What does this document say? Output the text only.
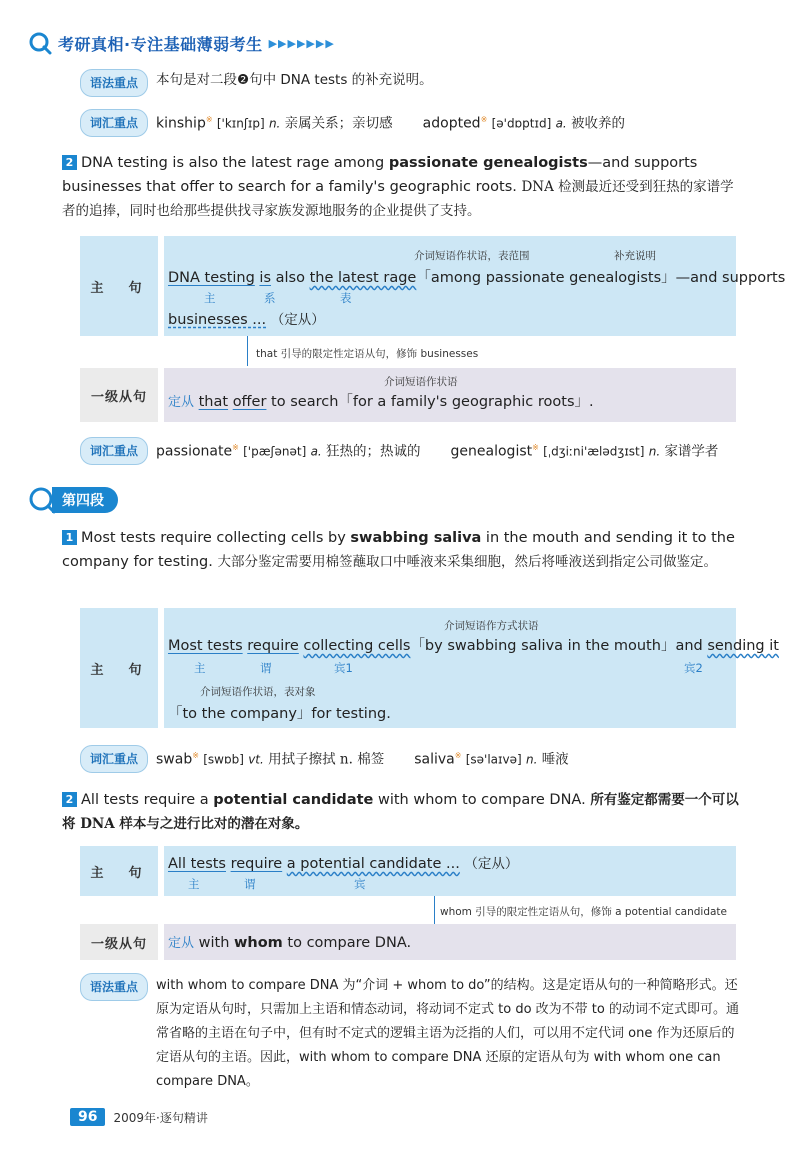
考研真相·专注基础薄弱考生 ▶▶▶▶▶▶▶
语法重点	本句是对二段❷句中 DNA tests 的补充说明。
词汇重点	kinship※ ['kɪnʃɪp] n. 亲属关系；亲切感 adopted※ [ə'dɒptɪd] a. 被收养的
2 DNA testing is also the latest rage among passionate genealogists—and supports businesses that offer to search for a family's geographic roots. DNA 检测最近还受到狂热的家谱学者的追捧，同时也给那些提供找寻家族发源地服务的企业提供了支持。
主　句
介词短语作状语，表范围	补充说明
DNA testing is also the latest rage「among passionate genealogists」—and supports
主	系	表
businesses ... （定从）
that 引导的限定性定语从句，修饰 businesses
一级从句
介词短语作状语
定从 that offer to search「for a family's geographic roots」.
词汇重点	passionate※ ['pæʃənət] a. 狂热的；热诚的 genealogist※ [ˌdʒiːni'ælədʒɪst] n. 家谱学者
第四段
1 Most tests require collecting cells by swabbing saliva in the mouth and sending it to the company for testing. 大部分鉴定需要用棉签蘸取口中唾液来采集细胞，然后将唾液送到指定公司做鉴定。
主　句
介词短语作方式状语
Most tests require collecting cells「by swabbing saliva in the mouth」and sending it
主	谓	宾1	宾2
介词短语作状语，表对象
「to the company」for testing.
词汇重点	swab※ [swɒb] vt. 用拭子擦拭 n. 棉签 saliva※ [sə'laɪvə] n. 唾液
2 All tests require a potential candidate with whom to compare DNA. 所有鉴定都需要一个可以将 DNA 样本与之进行比对的潜在对象。
主　句
All tests require a potential candidate ... （定从）
主	谓	宾
whom 引导的限定性定语从句，修饰 a potential candidate
一级从句	定从 with whom to compare DNA.
语法重点	with whom to compare DNA 为“介词 + whom to do”的结构。这是定语从句的一种简略形式。还原为定语从句时，只需加上主语和情态动词，将动词不定式 to do 改为不带 to 的动词不定式即可。通常省略的主语在句子中，但有时不定式的逻辑主语为泛指的人们，可以用不定代词 one 作为还原后的定语从句的主语。因此，with whom to compare DNA 还原的定语从句为 with whom one can compare DNA。
96	2009年·逐句精讲
